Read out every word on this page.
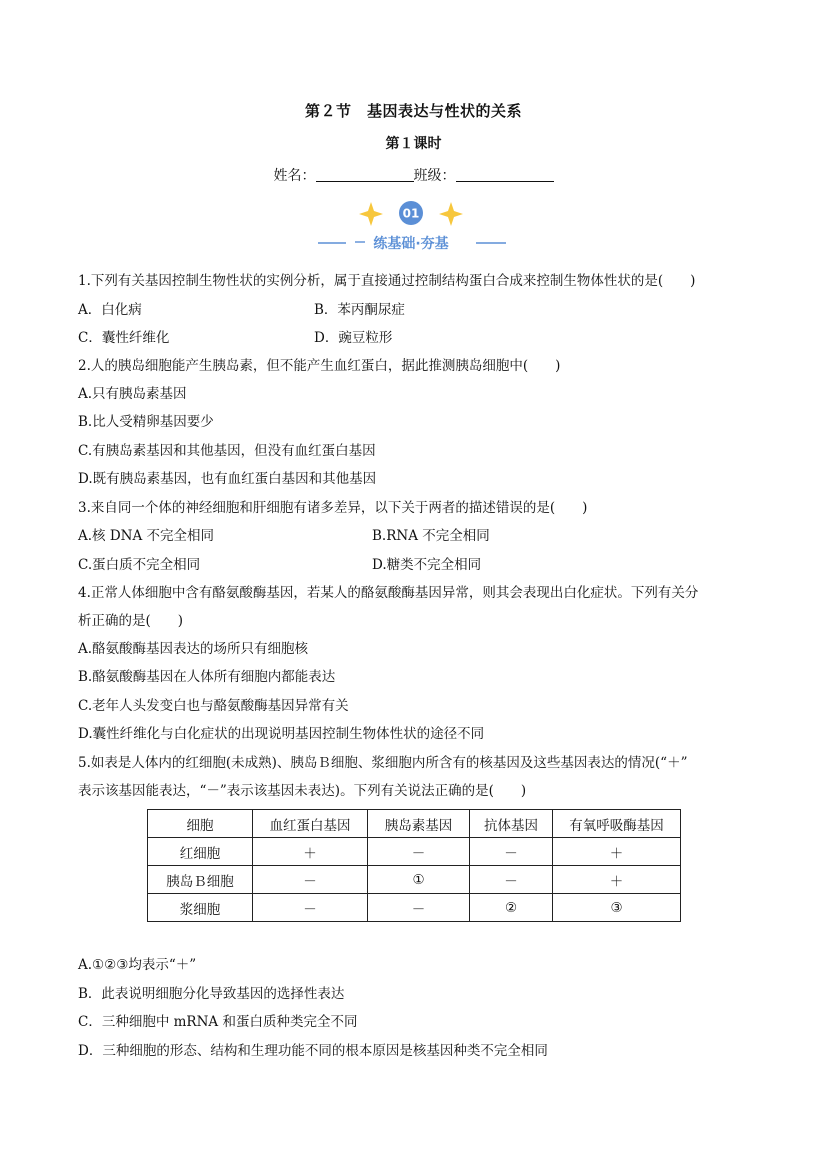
第２节　基因表达与性状的关系
第１课时
姓名：	班级：
01
练基础·夯基
1.下列有关基因控制生物性状的实例分析，属于直接通过控制结构蛋白合成来控制生物体性状的是(　　)
A．白化病	B．苯丙酮尿症
C．囊性纤维化	D．豌豆粒形
2.人的胰岛细胞能产生胰岛素，但不能产生血红蛋白，据此推测胰岛细胞中(　　)
A.只有胰岛素基因
B.比人受精卵基因要少
C.有胰岛素基因和其他基因，但没有血红蛋白基因
D.既有胰岛素基因，也有血红蛋白基因和其他基因
3.来自同一个体的神经细胞和肝细胞有诸多差异，以下关于两者的描述错误的是(　　)
A.核 DNA 不完全相同	B.RNA 不完全相同
C.蛋白质不完全相同	D.糖类不完全相同
4.正常人体细胞中含有酪氨酸酶基因，若某人的酪氨酸酶基因异常，则其会表现出白化症状。下列有关分
析正确的是(　　)
A.酪氨酸酶基因表达的场所只有细胞核
B.酪氨酸酶基因在人体所有细胞内都能表达
C.老年人头发变白也与酪氨酸酶基因异常有关
D.囊性纤维化与白化症状的出现说明基因控制生物体性状的途径不同
5.如表是人体内的红细胞(未成熟)、胰岛Ｂ细胞、浆细胞内所含有的核基因及这些基因表达的情况(“＋”
表示该基因能表达，“－”表示该基因未表达)。下列有关说法正确的是(　　)
细胞	血红蛋白基因	胰岛素基因	抗体基因	有氧呼吸酶基因
红细胞	＋	－	－	＋
胰岛Ｂ细胞	－	①	－	＋
浆细胞	－	－	②	③
A.①②③均表示“＋”
B．此表说明细胞分化导致基因的选择性表达
C．三种细胞中 mRNA 和蛋白质种类完全不同
D．三种细胞的形态、结构和生理功能不同的根本原因是核基因种类不完全相同
